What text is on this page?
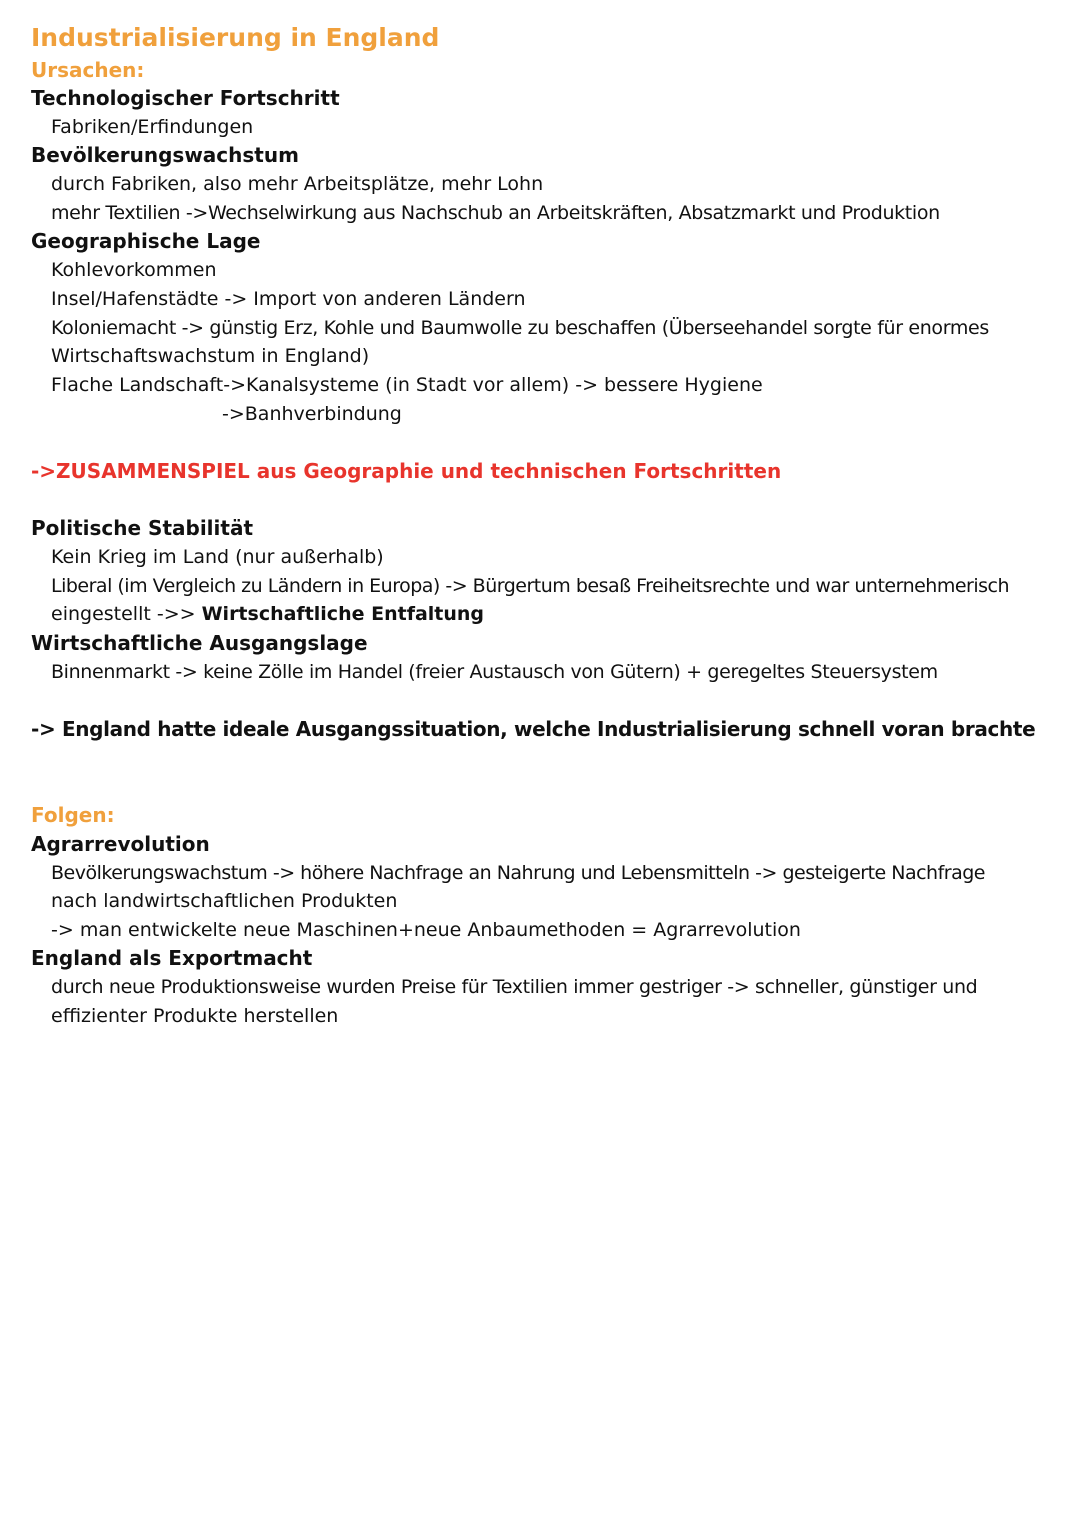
Industrialisierung in England
Ursachen:
Technologischer Fortschritt
Fabriken/Erfindungen
Bevölkerungswachstum
durch Fabriken, also mehr Arbeitsplätze, mehr Lohn
mehr Textilien ->Wechselwirkung aus Nachschub an Arbeitskräften, Absatzmarkt und Produktion
Geographische Lage
Kohlevorkommen
Insel/Hafenstädte -> Import von anderen Ländern
Koloniemacht -> günstig Erz, Kohle und Baumwolle zu beschaffen (Überseehandel sorgte für enormes
Wirtschaftswachstum in England)
Flache Landschaft->Kanalsysteme (in Stadt vor allem) -> bessere Hygiene
->Banhverbindung
->ZUSAMMENSPIEL aus Geographie und technischen Fortschritten
Politische Stabilität
Kein Krieg im Land (nur außerhalb)
Liberal (im Vergleich zu Ländern in Europa) -> Bürgertum besaß Freiheitsrechte und war unternehmerisch
eingestellt ->> Wirtschaftliche Entfaltung
Wirtschaftliche Ausgangslage
Binnenmarkt -> keine Zölle im Handel (freier Austausch von Gütern) + geregeltes Steuersystem
-> England hatte ideale Ausgangssituation, welche Industrialisierung schnell voran brachte
Folgen:
Agrarrevolution
Bevölkerungswachstum -> höhere Nachfrage an Nahrung und Lebensmitteln -> gesteigerte Nachfrage
nach landwirtschaftlichen Produkten
-> man entwickelte neue Maschinen+neue Anbaumethoden = Agrarrevolution
England als Exportmacht
durch neue Produktionsweise wurden Preise für Textilien immer gestriger -> schneller, günstiger und
effizienter Produkte herstellen
